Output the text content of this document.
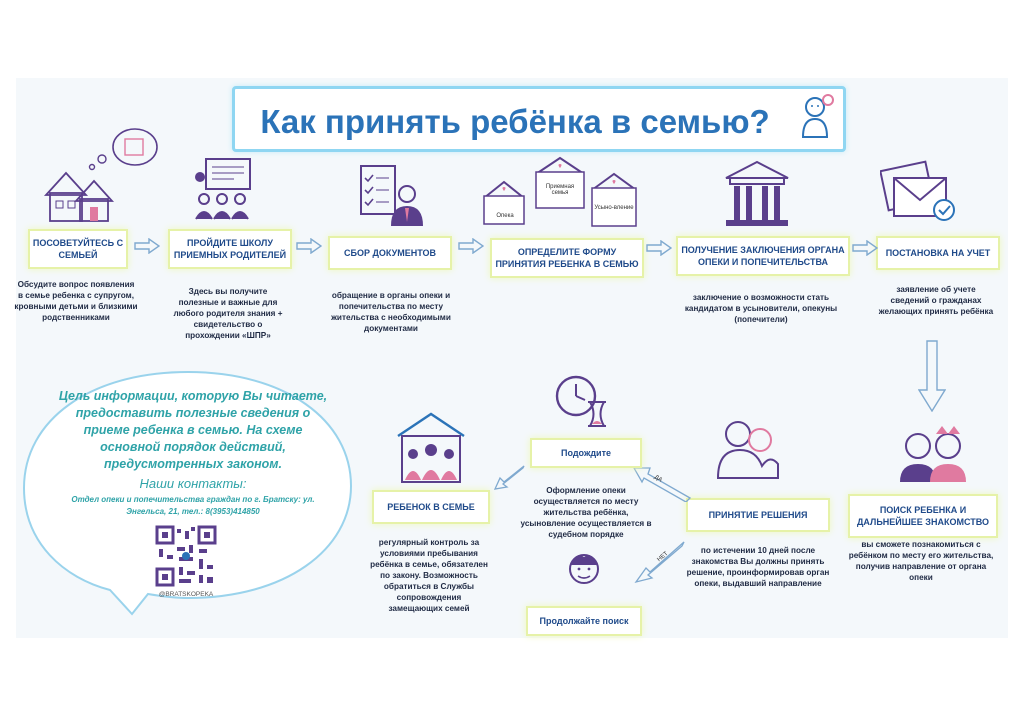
Как принять ребёнка в семью?
Опека
Приемная семья
Усыно-вление
ПОСОВЕТУЙТЕСЬ С СЕМЬЕЙ
ПРОЙДИТЕ ШКОЛУ ПРИЕМНЫХ РОДИТЕЛЕЙ	СБОР ДОКУМЕНТОВ	ОПРЕДЕЛИТЕ ФОРМУ ПРИНЯТИЯ РЕБЕНКА В СЕМЬЮ
ПОЛУЧЕНИЕ ЗАКЛЮЧЕНИЯ ОРГАНА ОПЕКИ И ПОПЕЧИТЕЛЬСТВА
ПОСТАНОВКА НА УЧЕТ
Обсудите вопрос появления в семье ребенка с супругом, кровными детьми и близкими родственниками
Здесь вы получите полезные и важные для любого родителя знания + свидетельство о прохождении «ШПР»
обращение в органы опеки и попечительства по месту жительства с необходимыми документами
заключение о возможности стать кандидатом в усыновители, опекуны (попечители)
заявление об учете сведений о гражданах желающих принять ребёнка
ПОИСК РЕБЕНКА И ДАЛЬНЕЙШЕЕ ЗНАКОМСТВО
вы сможете познакомиться с ребёнком по месту его жительства, получив направление от органа опеки
ПРИНЯТИЕ РЕШЕНИЯ
по истечении 10 дней после знакомства Вы должны принять решение, проинформировав орган опеки, выдавший направление
ДА
НЕТ
Подождите
Оформление опеки осуществляется по месту жительства ребёнка, усыновление осуществляется в судебном порядке
Продолжайте поиск
РЕБЕНОК В СЕМЬЕ
регулярный контроль за условиями пребывания ребёнка в семье, обязателен по закону. Возможность обратиться в Службы сопровождения замещающих семей
Цель информации, которую Вы читаете, предоставить полезные сведения о приеме ребенка в семью. На схеме основной порядок действий, предусмотренных законом.
Наши контакты:
Отдел опеки и попечительства граждан по г. Братску: ул. Энгельса, 21, тел.: 8(3953)414850
@BRATSKOPEKA
